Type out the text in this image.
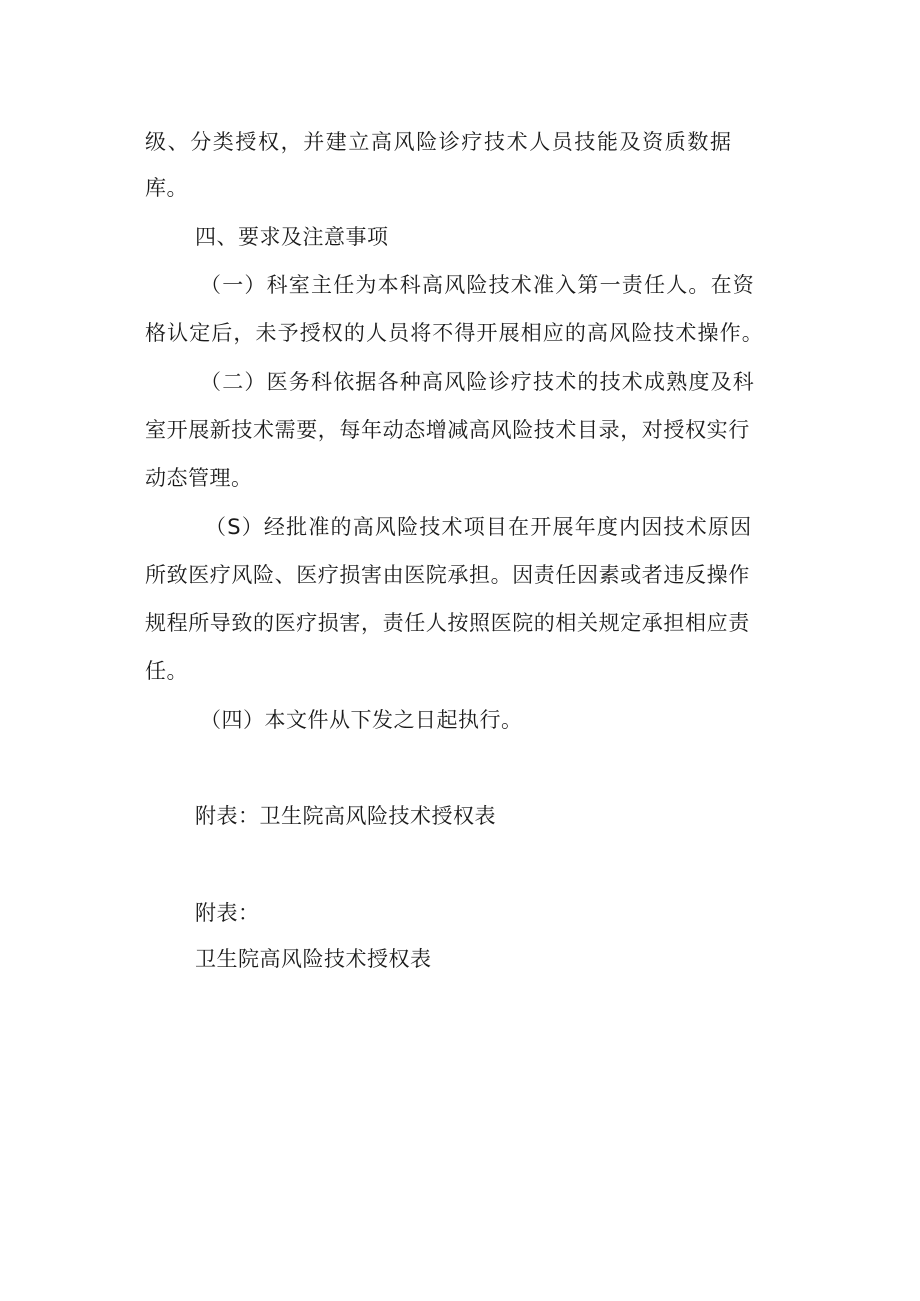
级、分类授权，并建立高风险诊疗技术人员技能及资质数据
库。
四、要求及注意事项
（一）科室主任为本科高风险技术准入第一责任人。在资
格认定后，未予授权的人员将不得开展相应的高风险技术操作。
（二）医务科依据各种高风险诊疗技术的技术成熟度及科
室开展新技术需要，每年动态增减高风险技术目录，对授权实行
动态管理。
（S）经批准的高风险技术项目在开展年度内因技术原因
所致医疗风险、医疗损害由医院承担。因责任因素或者违反操作
规程所导致的医疗损害，责任人按照医院的相关规定承担相应责
任。
（四）本文件从下发之日起执行。
附表：卫生院高风险技术授权表
附表：
卫生院高风险技术授权表
